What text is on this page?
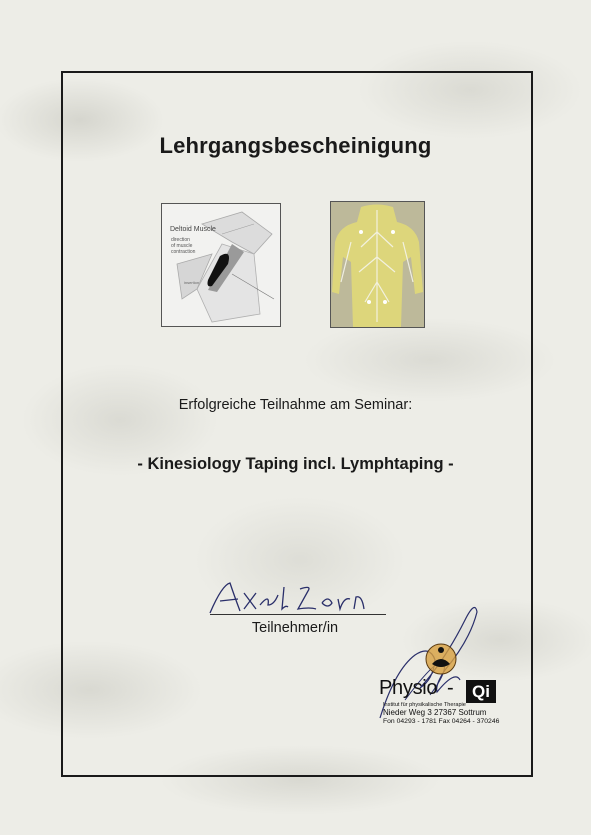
Lehrgangsbescheinigung
Deltoid Muscle
direction
of muscle
contraction
insertion
Erfolgreiche Teilnahme am Seminar:
- Kinesiology Taping incl. Lymphtaping -
Teilnehmer/in
Physio -	Qi
Institut für physikalische Therapie
Nieder Weg 3 27367 Sottrum
Fon 04293 - 1781 Fax 04264 - 370246
